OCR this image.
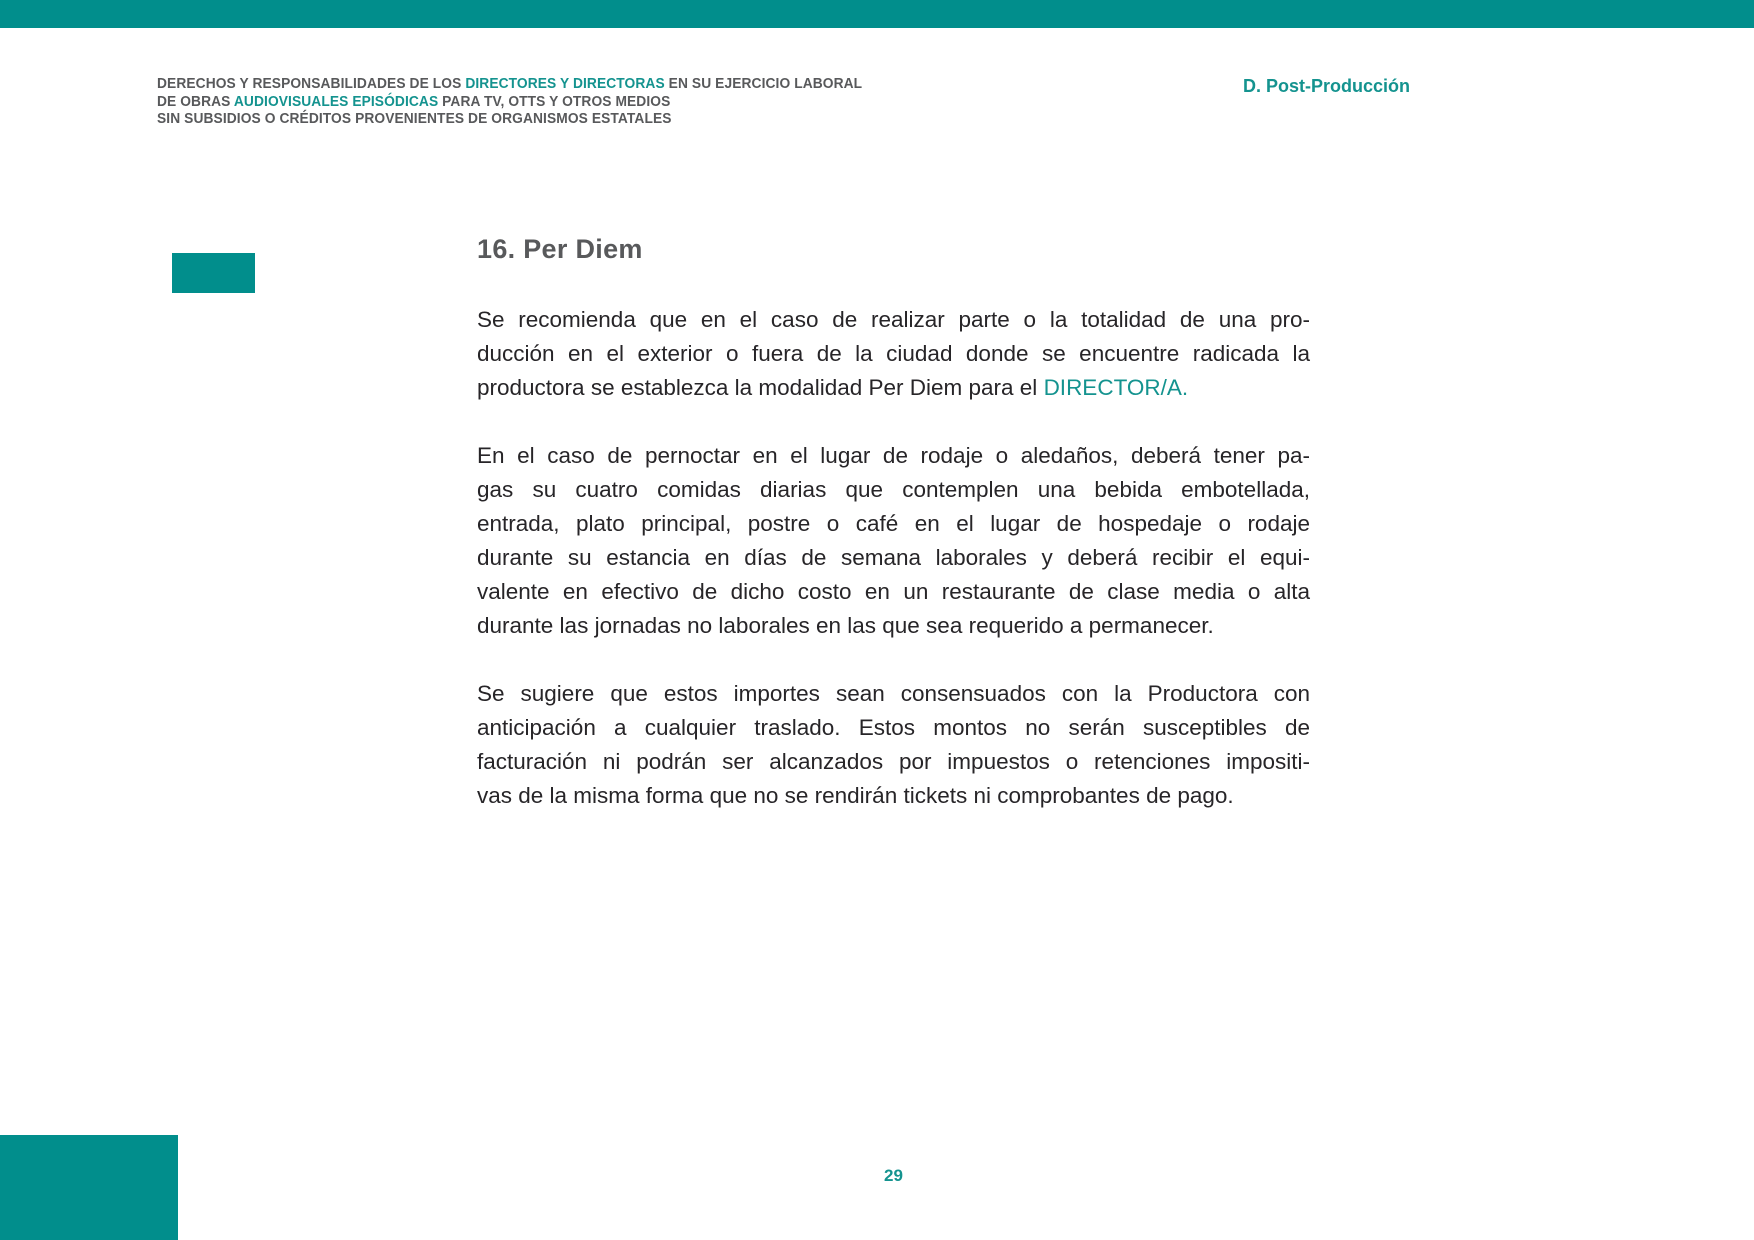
DERECHOS Y RESPONSABILIDADES DE LOS DIRECTORES Y DIRECTORAS EN SU EJERCICIO LABORAL
DE OBRAS AUDIOVISUALES EPISÓDICAS PARA TV, OTTS Y OTROS MEDIOS
SIN SUBSIDIOS O CRÉDITOS PROVENIENTES DE ORGANISMOS ESTATALES
D. Post-Producción
16. Per Diem
Se recomienda que en el caso de realizar parte o la totalidad de una pro-
ducción en el exterior o fuera de la ciudad donde se encuentre radicada la
productora se establezca la modalidad Per Diem para el DIRECTOR/A.
En el caso de pernoctar en el lugar de rodaje o aledaños, deberá tener pa-
gas su cuatro comidas diarias que contemplen una bebida embotellada,
entrada, plato principal, postre o café en el lugar de hospedaje o rodaje
durante su estancia en días de semana laborales y deberá recibir el equi-
valente en efectivo de dicho costo en un restaurante de clase media o alta
durante las jornadas no laborales en las que sea requerido a permanecer.
Se sugiere que estos importes sean consensuados con la Productora con
anticipación a cualquier traslado. Estos montos no serán susceptibles de
facturación ni podrán ser alcanzados por impuestos o retenciones impositi-
vas de la misma forma que no se rendirán tickets ni comprobantes de pago.
29
